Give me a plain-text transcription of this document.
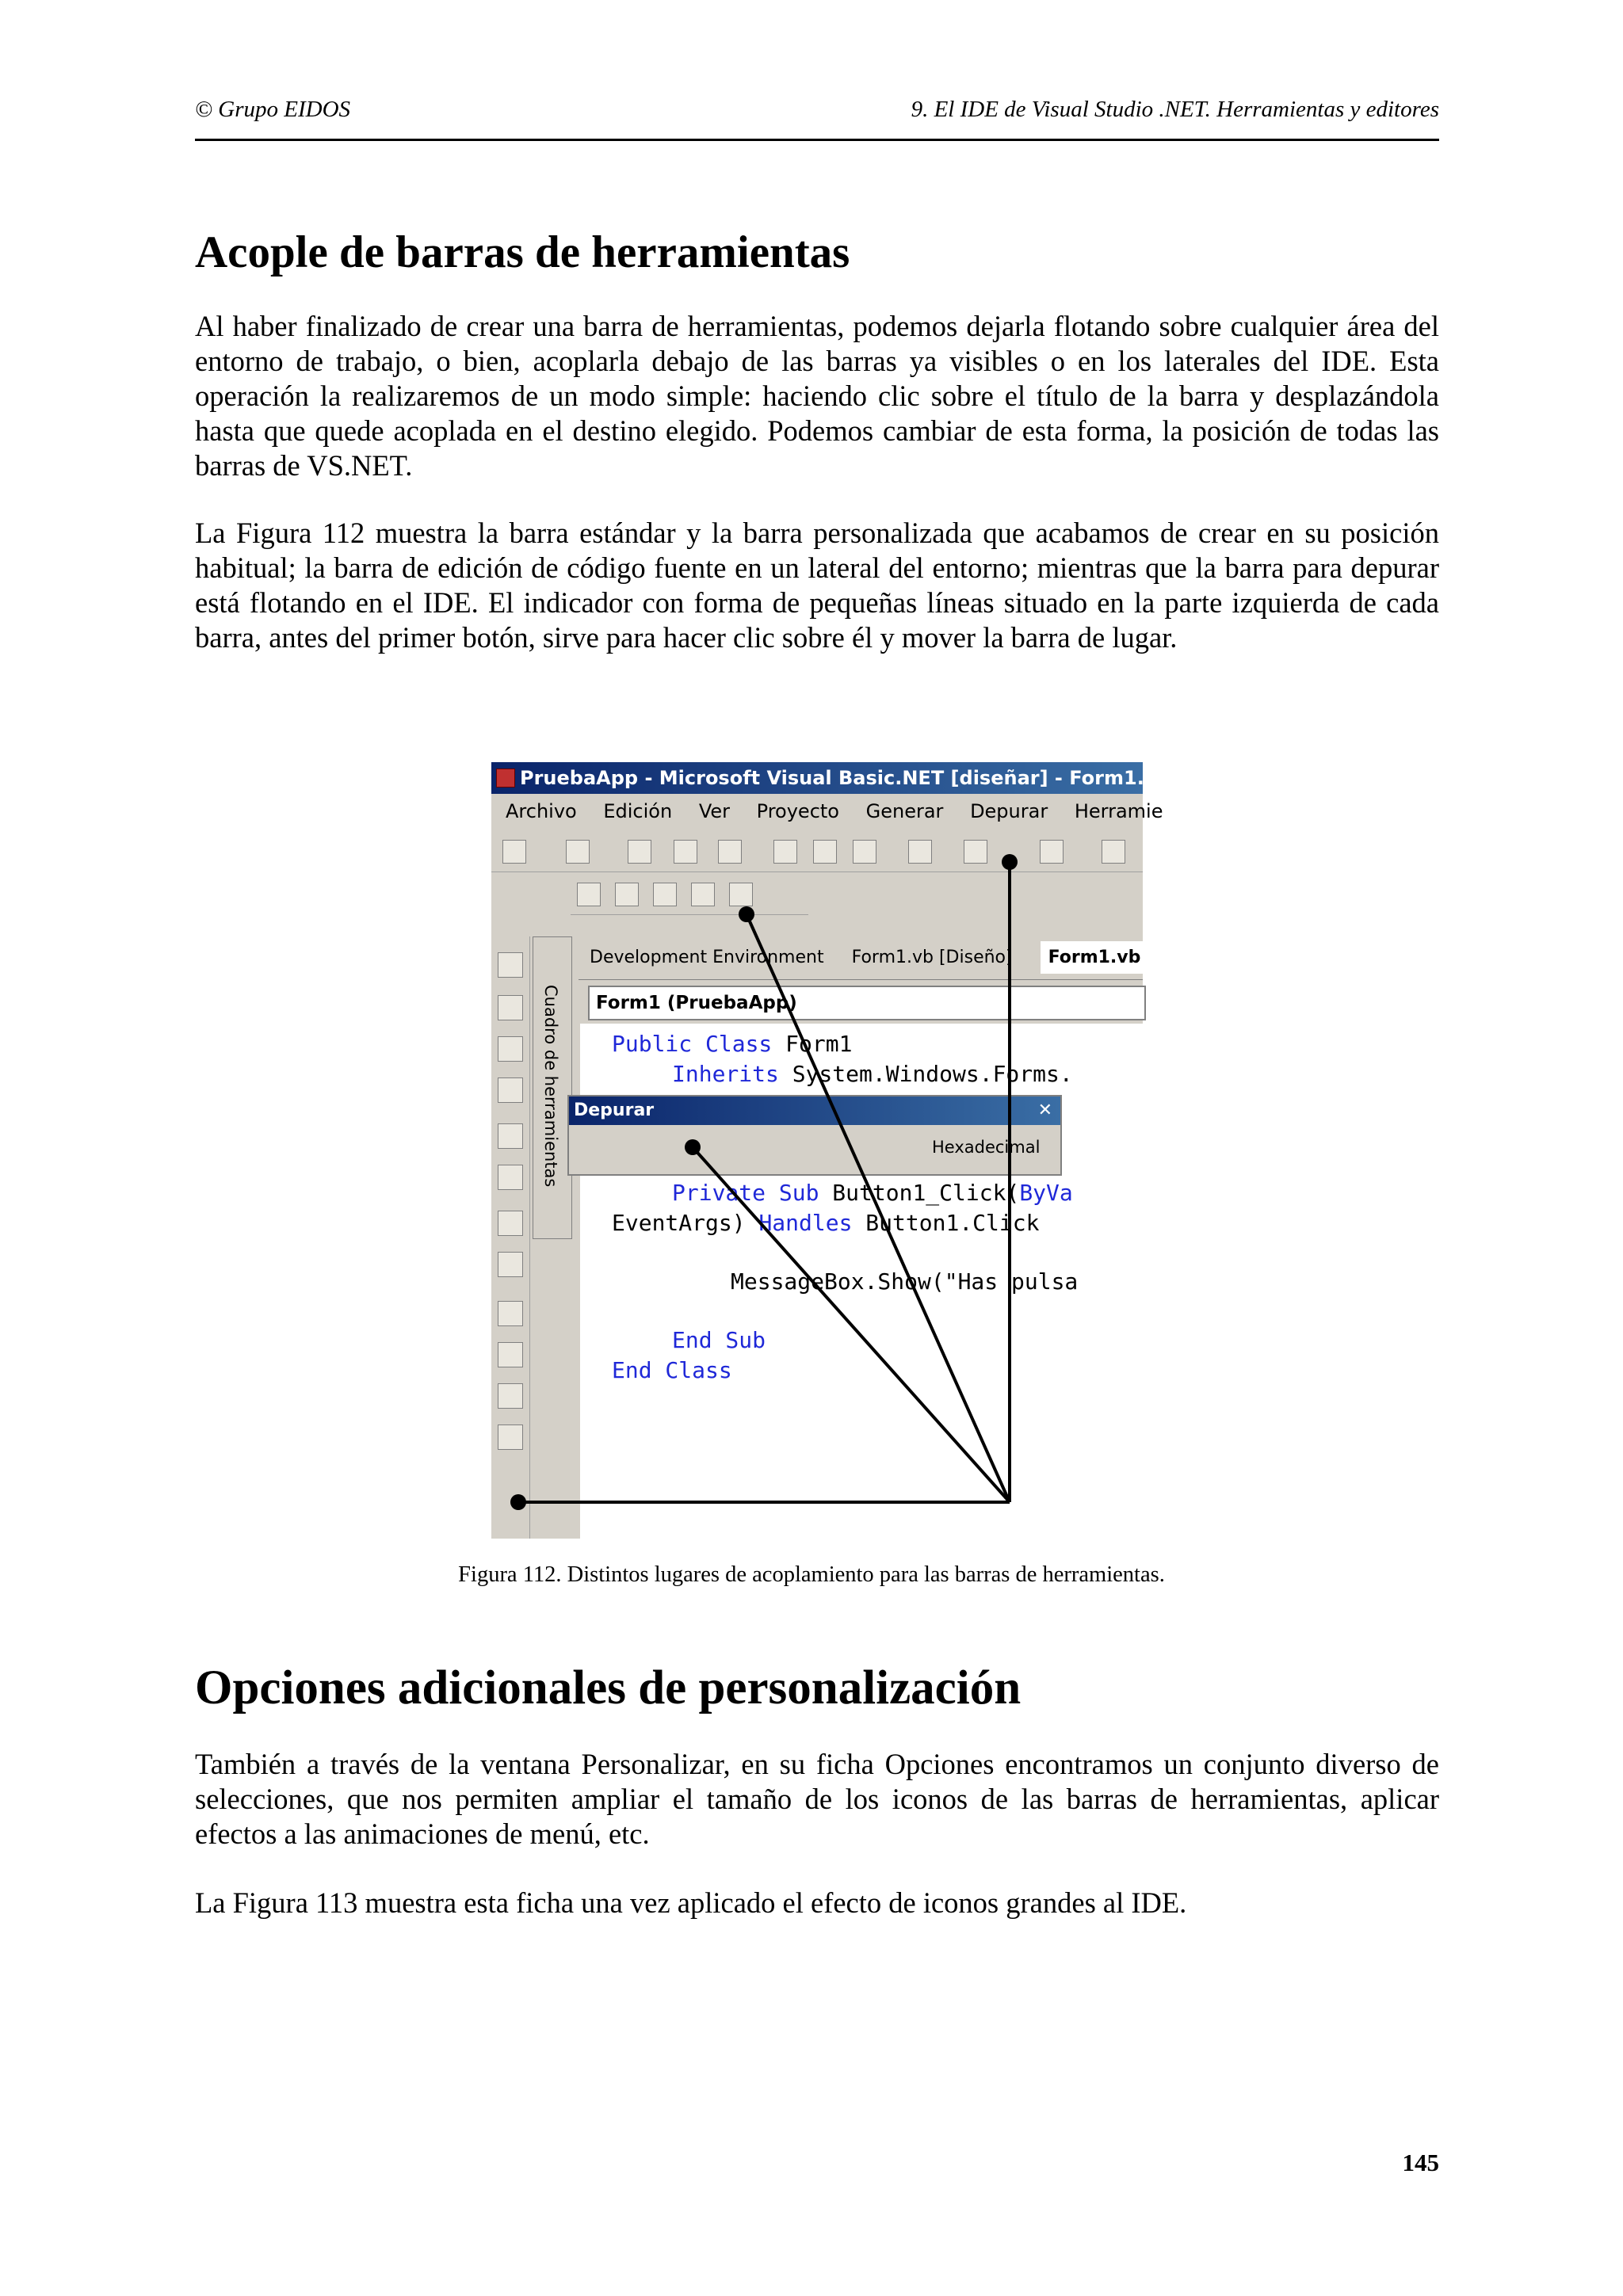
© Grupo EIDOS	9. El IDE de Visual Studio .NET. Herramientas y editores
Acople de barras de herramientas
Al haber finalizado de crear una barra de herramientas, podemos dejarla flotando sobre cualquier área del entorno de trabajo, o bien, acoplarla debajo de las barras ya visibles o en los laterales del IDE. Esta operación la realizaremos de un modo simple: haciendo clic sobre el título de la barra y desplazándola hasta que quede acoplada en el destino elegido. Podemos cambiar de esta forma, la posición de todas las barras de VS.NET.
La Figura 112 muestra la barra estándar y la barra personalizada que acabamos de crear en su posición habitual; la barra de edición de código fuente en un lateral del entorno; mientras que la barra para depurar está flotando en el IDE. El indicador con forma de pequeñas líneas situado en la parte izquierda de cada barra, antes del primer botón, sirve para hacer clic sobre él y mover la barra de lugar.
PruebaApp - Microsoft Visual Basic.NET [diseñar] - Form1.vb
Archivo Edición Ver Proyecto Generar Depurar Herramie
Cuadro de herramientas
Development Environment Form1.vb [Diseño] Form1.vb
Form1 (PruebaApp)
Public Class Form1
Inherits System.Windows.Forms.
Private Sub Button1_Click(ByVa
EventArgs) Handles Button1.Click
MessageBox.Show("Has pulsa
End Sub
End Class
Depurar	✕
Hexadecimal
Figura 112. Distintos lugares de acoplamiento para las barras de herramientas.
Opciones adicionales de personalización
También a través de la ventana Personalizar, en su ficha Opciones encontramos un conjunto diverso de selecciones, que nos permiten ampliar el tamaño de los iconos de las barras de herramientas, aplicar efectos a las animaciones de menú, etc.
La Figura 113 muestra esta ficha una vez aplicado el efecto de iconos grandes al IDE.
145
